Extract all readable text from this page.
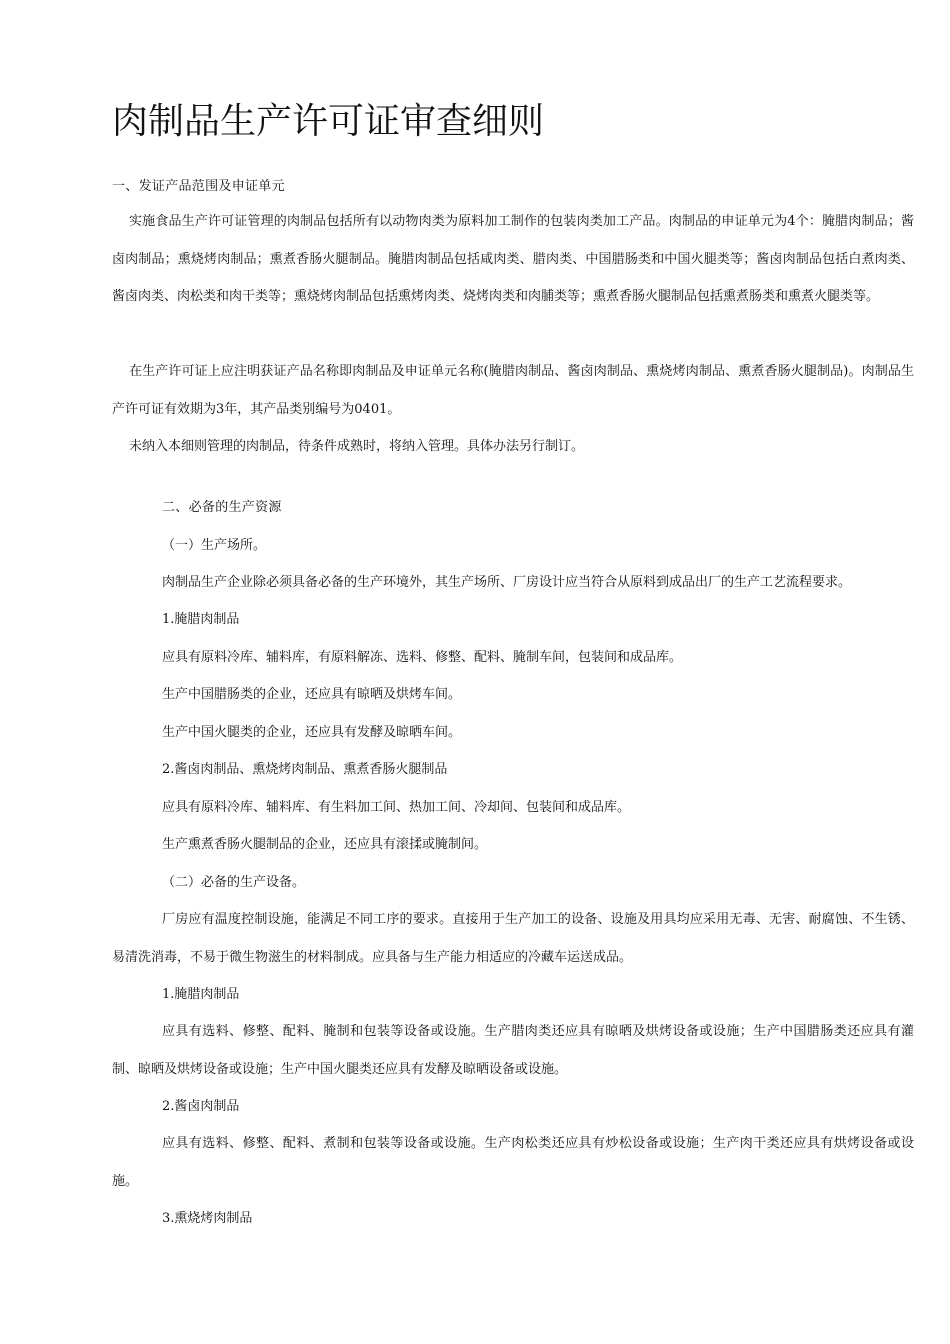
肉制品生产许可证审查细则
一、发证产品范围及申证单元
实施食品生产许可证管理的肉制品包括所有以动物肉类为原料加工制作的包装肉类加工产品。肉制品的申证单元为4个：腌腊肉制品；酱卤肉制品；熏烧烤肉制品；熏煮香肠火腿制品。腌腊肉制品包括咸肉类、腊肉类、中国腊肠类和中国火腿类等；酱卤肉制品包括白煮肉类、酱卤肉类、肉松类和肉干类等；熏烧烤肉制品包括熏烤肉类、烧烤肉类和肉脯类等；熏煮香肠火腿制品包括熏煮肠类和熏煮火腿类等。
在生产许可证上应注明获证产品名称即肉制品及申证单元名称(腌腊肉制品、酱卤肉制品、熏烧烤肉制品、熏煮香肠火腿制品)。肉制品生产许可证有效期为3年，其产品类别编号为0401。
未纳入本细则管理的肉制品，待条件成熟时，将纳入管理。具体办法另行制订。
二、必备的生产资源
（一）生产场所。
肉制品生产企业除必须具备必备的生产环境外，其生产场所、厂房设计应当符合从原料到成品出厂的生产工艺流程要求。
1.腌腊肉制品
应具有原料冷库、辅料库，有原料解冻、选料、修整、配料、腌制车间，包装间和成品库。
生产中国腊肠类的企业，还应具有晾晒及烘烤车间。
生产中国火腿类的企业，还应具有发酵及晾晒车间。
2.酱卤肉制品、熏烧烤肉制品、熏煮香肠火腿制品
应具有原料冷库、辅料库、有生料加工间、热加工间、冷却间、包装间和成品库。
生产熏煮香肠火腿制品的企业，还应具有滚揉或腌制间。
（二）必备的生产设备。
厂房应有温度控制设施，能满足不同工序的要求。直接用于生产加工的设备、设施及用具均应采用无毒、无害、耐腐蚀、不生锈、易清洗消毒，不易于微生物滋生的材料制成。应具备与生产能力相适应的冷藏车运送成品。
1.腌腊肉制品
应具有选料、修整、配料、腌制和包装等设备或设施。生产腊肉类还应具有晾晒及烘烤设备或设施；生产中国腊肠类还应具有灌制、晾晒及烘烤设备或设施；生产中国火腿类还应具有发酵及晾晒设备或设施。
2.酱卤肉制品
应具有选料、修整、配料、煮制和包装等设备或设施。生产肉松类还应具有炒松设备或设施；生产肉干类还应具有烘烤设备或设施。
3.熏烧烤肉制品
